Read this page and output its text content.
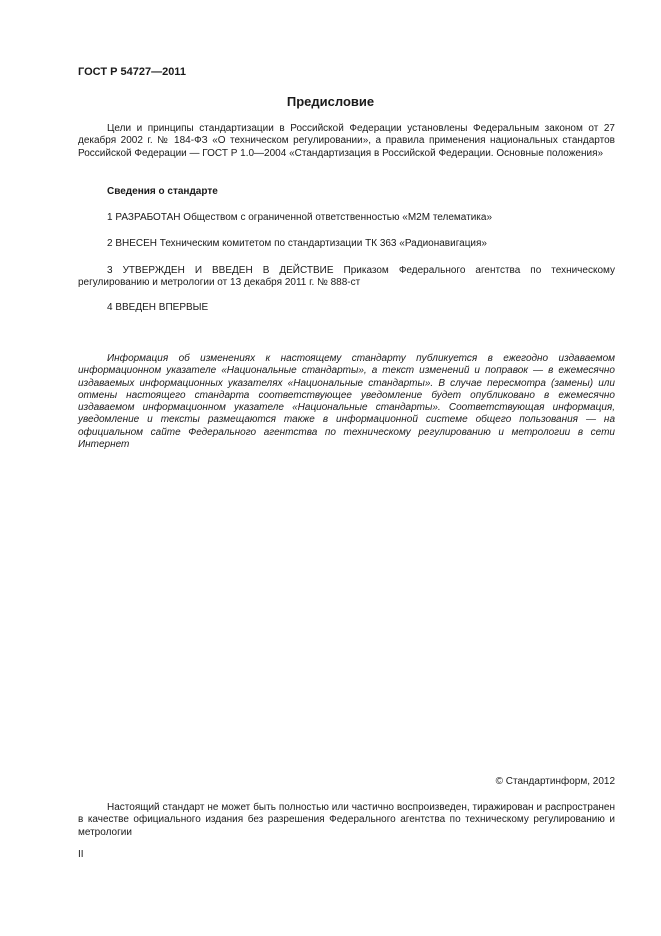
ГОСТ Р 54727—2011
Предисловие

Цели и принципы стандартизации в Российской Федерации установлены Федеральным законом от 27 декабря 2002 г. № 184-ФЗ «О техническом регулировании», а правила применения национальных стандартов Российской Федерации — ГОСТ Р 1.0—2004 «Стандартизация в Российской Федерации. Основные положения»

Сведения о стандарте
1 РАЗРАБОТАН Обществом с ограниченной ответственностью «М2М телематика»
2 ВНЕСЕН Техническим комитетом по стандартизации ТК 363 «Радионавигация»

3 УТВЕРЖДЕН И ВВЕДЕН В ДЕЙСТВИЕ Приказом Федерального агентства по техническому регулированию и метрологии от 13 декабря 2011 г. № 888-ст

4 ВВЕДЕН ВПЕРВЫЕ

Информация об изменениях к настоящему стандарту публикуется в ежегодно издаваемом информационном указателе «Национальные стандарты», а текст изменений и поправок — в ежемесячно издаваемых информационных указателях «Национальные стандарты». В случае пересмотра (замены) или отмены настоящего стандарта соответствующее уведомление будет опубликовано в ежемесячно издаваемом информационном указателе «Национальные стандарты». Соответствующая информация, уведомление и тексты размещаются также в информационной системе общего пользования — на официальном сайте Федерального агентства по техническому регулированию и метрологии в сети Интернет

© Стандартинформ, 2012

Настоящий стандарт не может быть полностью или частично воспроизведен, тиражирован и распространен в качестве официального издания без разрешения Федерального агентства по техническому регулированию и метрологии

II
